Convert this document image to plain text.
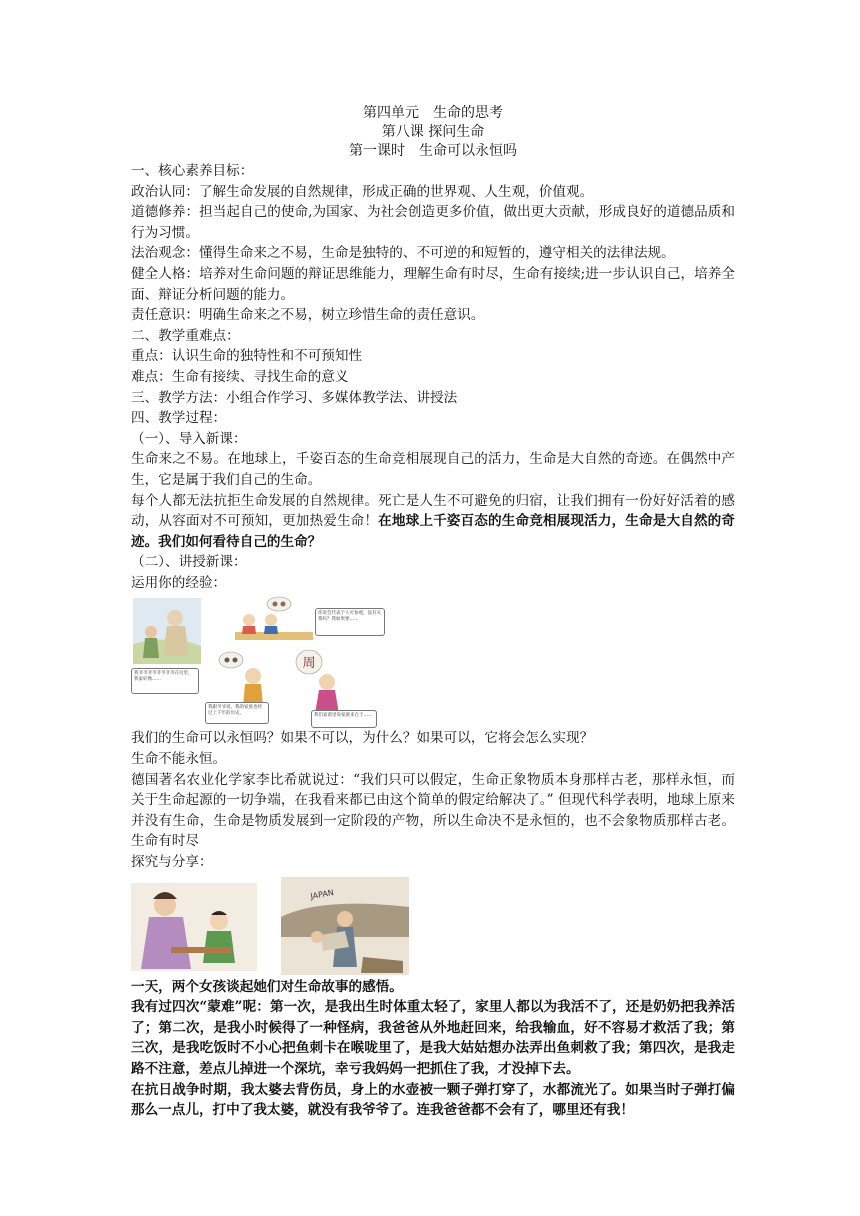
第四单元　生命的思考
第八课 探问生命
第一课时　生命可以永恒吗

一、核心素养目标：

政治认同：了解生命发展的自然规律，形成正确的世界观、人生观，价值观。

道德修养：担当起自己的使命,为国家、为社会创造更多价值，做出更大贡献，形成良好的道德品质和行为习惯。

法治观念：懂得生命来之不易，生命是独特的、不可逆的和短暂的，遵守相关的法律法规。

健全人格：培养对生命问题的辩证思维能力，理解生命有时尽，生命有接续;进一步认识自己，培养全面、辩证分析问题的能力。

责任意识：明确生命来之不易，树立珍惜生命的责任意识。

二、教学重难点：

重点：认识生命的独特性和不可预知性

难点：生命有接续、寻找生命的意义

三、教学方法：小组合作学习、多媒体教学法、讲授法

四、教学过程：

（一）、导入新课：

生命来之不易。在地球上，千姿百态的生命竞相展现自己的活力，生命是大自然的奇迹。在偶然中产生，它是属于我们自己的生命。

每个人都无法抗拒生命发展的自然规律。死亡是人生不可避免的归宿，让我们拥有一份好好活着的感动，从容面对不可预知，更加热爱生命！在地球上千姿百态的生命竞相展现活力，生命是大自然的奇迹。我们如何看待自己的生命？

（二）、讲授新课：

运用你的经验：

周
你说会代表个人可参观，没有关系吗？我如果要……
我爷爷爷爷爷爷爷爷在这里，我家好像……
我跟爷爷说，我的家族也经过上千年的历史。	我们家谱里说家族来自于……

我们的生命可以永恒吗？如果不可以，为什么？如果可以，它将会怎么实现？

生命不能永恒。

德国著名农业化学家李比希就说过：“我们只可以假定，生命正象物质本身那样古老，那样永恒，而关于生命起源的一切争端，在我看来都已由这个简单的假定给解决了。” 但现代科学表明，地球上原来并没有生命，生命是物质发展到一定阶段的产物，所以生命决不是永恒的，也不会象物质那样古老。生命有时尽

探究与分享：

JAPAN

一天，两个女孩谈起她们对生命故事的感悟。

我有过四次“蒙难”呢：第一次，是我出生时体重太轻了，家里人都以为我活不了，还是奶奶把我养活了；第二次，是我小时候得了一种怪病，我爸爸从外地赶回来，给我输血，好不容易才救活了我；第三次，是我吃饭时不小心把鱼刺卡在喉咙里了，是我大姑姑想办法弄出鱼刺救了我；第四次，是我走路不注意，差点儿掉进一个深坑，幸亏我妈妈一把抓住了我，才没掉下去。

在抗日战争时期，我太婆去背伤员，身上的水壶被一颗子弹打穿了，水都流光了。如果当时子弹打偏那么一点儿，打中了我太婆，就没有我爷爷了。连我爸爸都不会有了，哪里还有我！
